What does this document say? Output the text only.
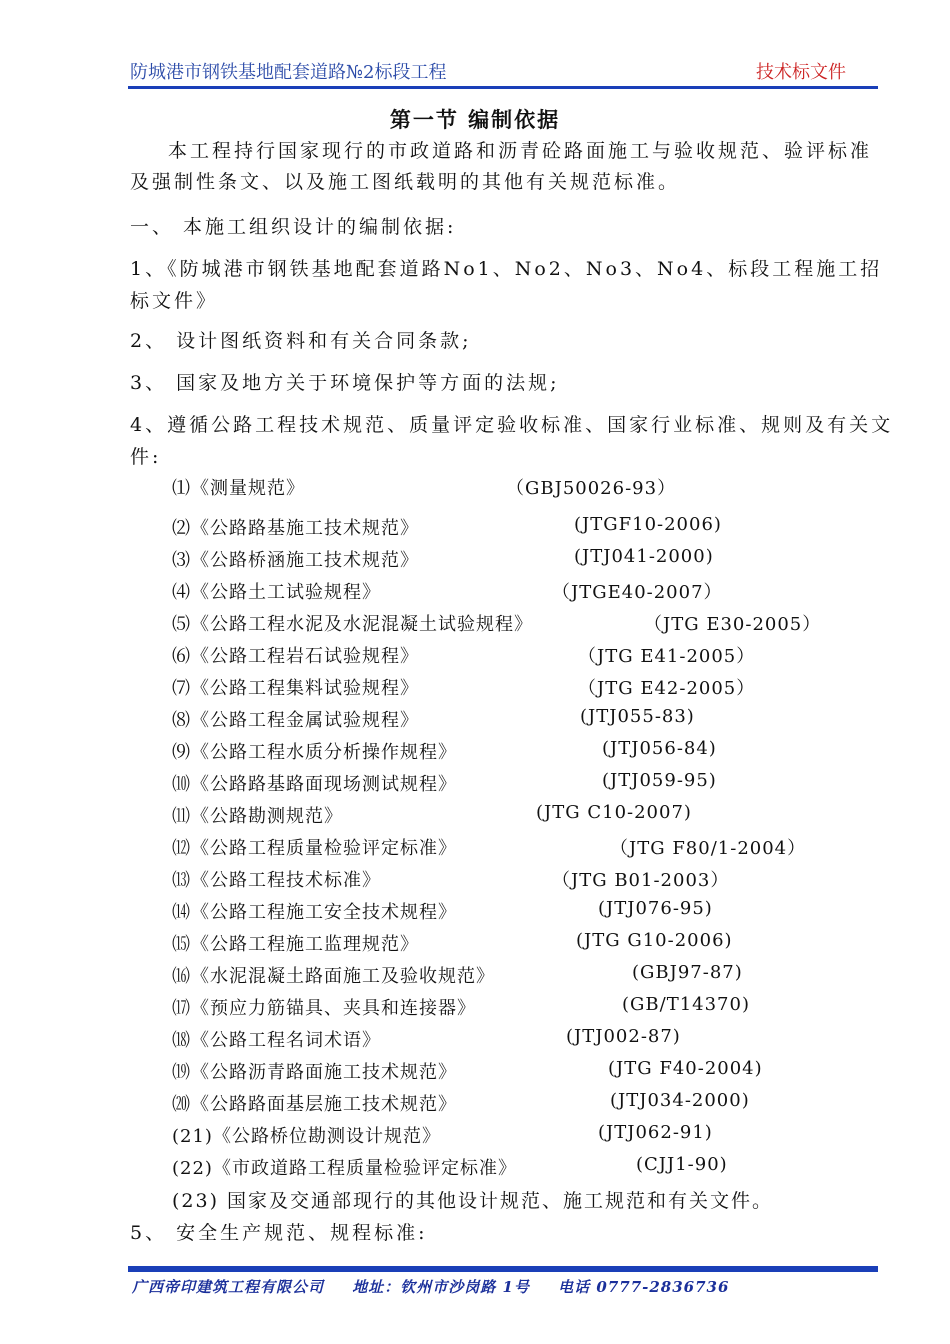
防城港市钢铁基地配套道路№2标段工程	技术标文件
第一节 编制依据
本工程持行国家现行的市政道路和沥青砼路面施工与验收规范、验评标准及强制性条文、以及施工图纸载明的其他有关规范标准。
一、 本施工组织设计的编制依据:
1、《防城港市钢铁基地配套道路No1、No2、No3、No4、标段工程施工招
标文件》
2、 设计图纸资料和有关合同条款;
3、 国家及地方关于环境保护等方面的法规;
4、遵循公路工程技术规范、质量评定验收标准、国家行业标准、规则及有关文
件:
⑴《测量规范》	（GBJ50026-93）
⑵《公路路基施工技术规范》	(JTGF10-2006)
⑶《公路桥涵施工技术规范》	(JTJ041-2000)
⑷《公路土工试验规程》	（JTGE40-2007）
⑸《公路工程水泥及水泥混凝土试验规程》	（JTG E30-2005）
⑹《公路工程岩石试验规程》	（JTG E41-2005）
⑺《公路工程集料试验规程》	（JTG E42-2005）
⑻《公路工程金属试验规程》	(JTJ055-83)
⑼《公路工程水质分析操作规程》	(JTJ056-84)
⑽《公路路基路面现场测试规程》	(JTJ059-95)
⑾《公路勘测规范》	(JTG C10-2007)
⑿《公路工程质量检验评定标准》	（JTG F80/1-2004）
⒀《公路工程技术标准》	（JTG B01-2003）
⒁《公路工程施工安全技术规程》	(JTJ076-95)
⒂《公路工程施工监理规范》	(JTG G10-2006)
⒃《水泥混凝土路面施工及验收规范》	(GBJ97-87)
⒄《预应力筋锚具、夹具和连接器》	(GB/T14370)
⒅《公路工程名词术语》	(JTJ002-87)
⒆《公路沥青路面施工技术规范》	(JTG F40-2004)
⒇《公路路面基层施工技术规范》	(JTJ034-2000)
(21)《公路桥位勘测设计规范》	(JTJ062-91)
(22)《市政道路工程质量检验评定标准》	(CJJ1-90)
(23) 国家及交通部现行的其他设计规范、施工规范和有关文件。
5、 安全生产规范、规程标准:
广西帝印建筑工程有限公司 地址：钦州市沙岗路 1号 电话 0777-2836736
